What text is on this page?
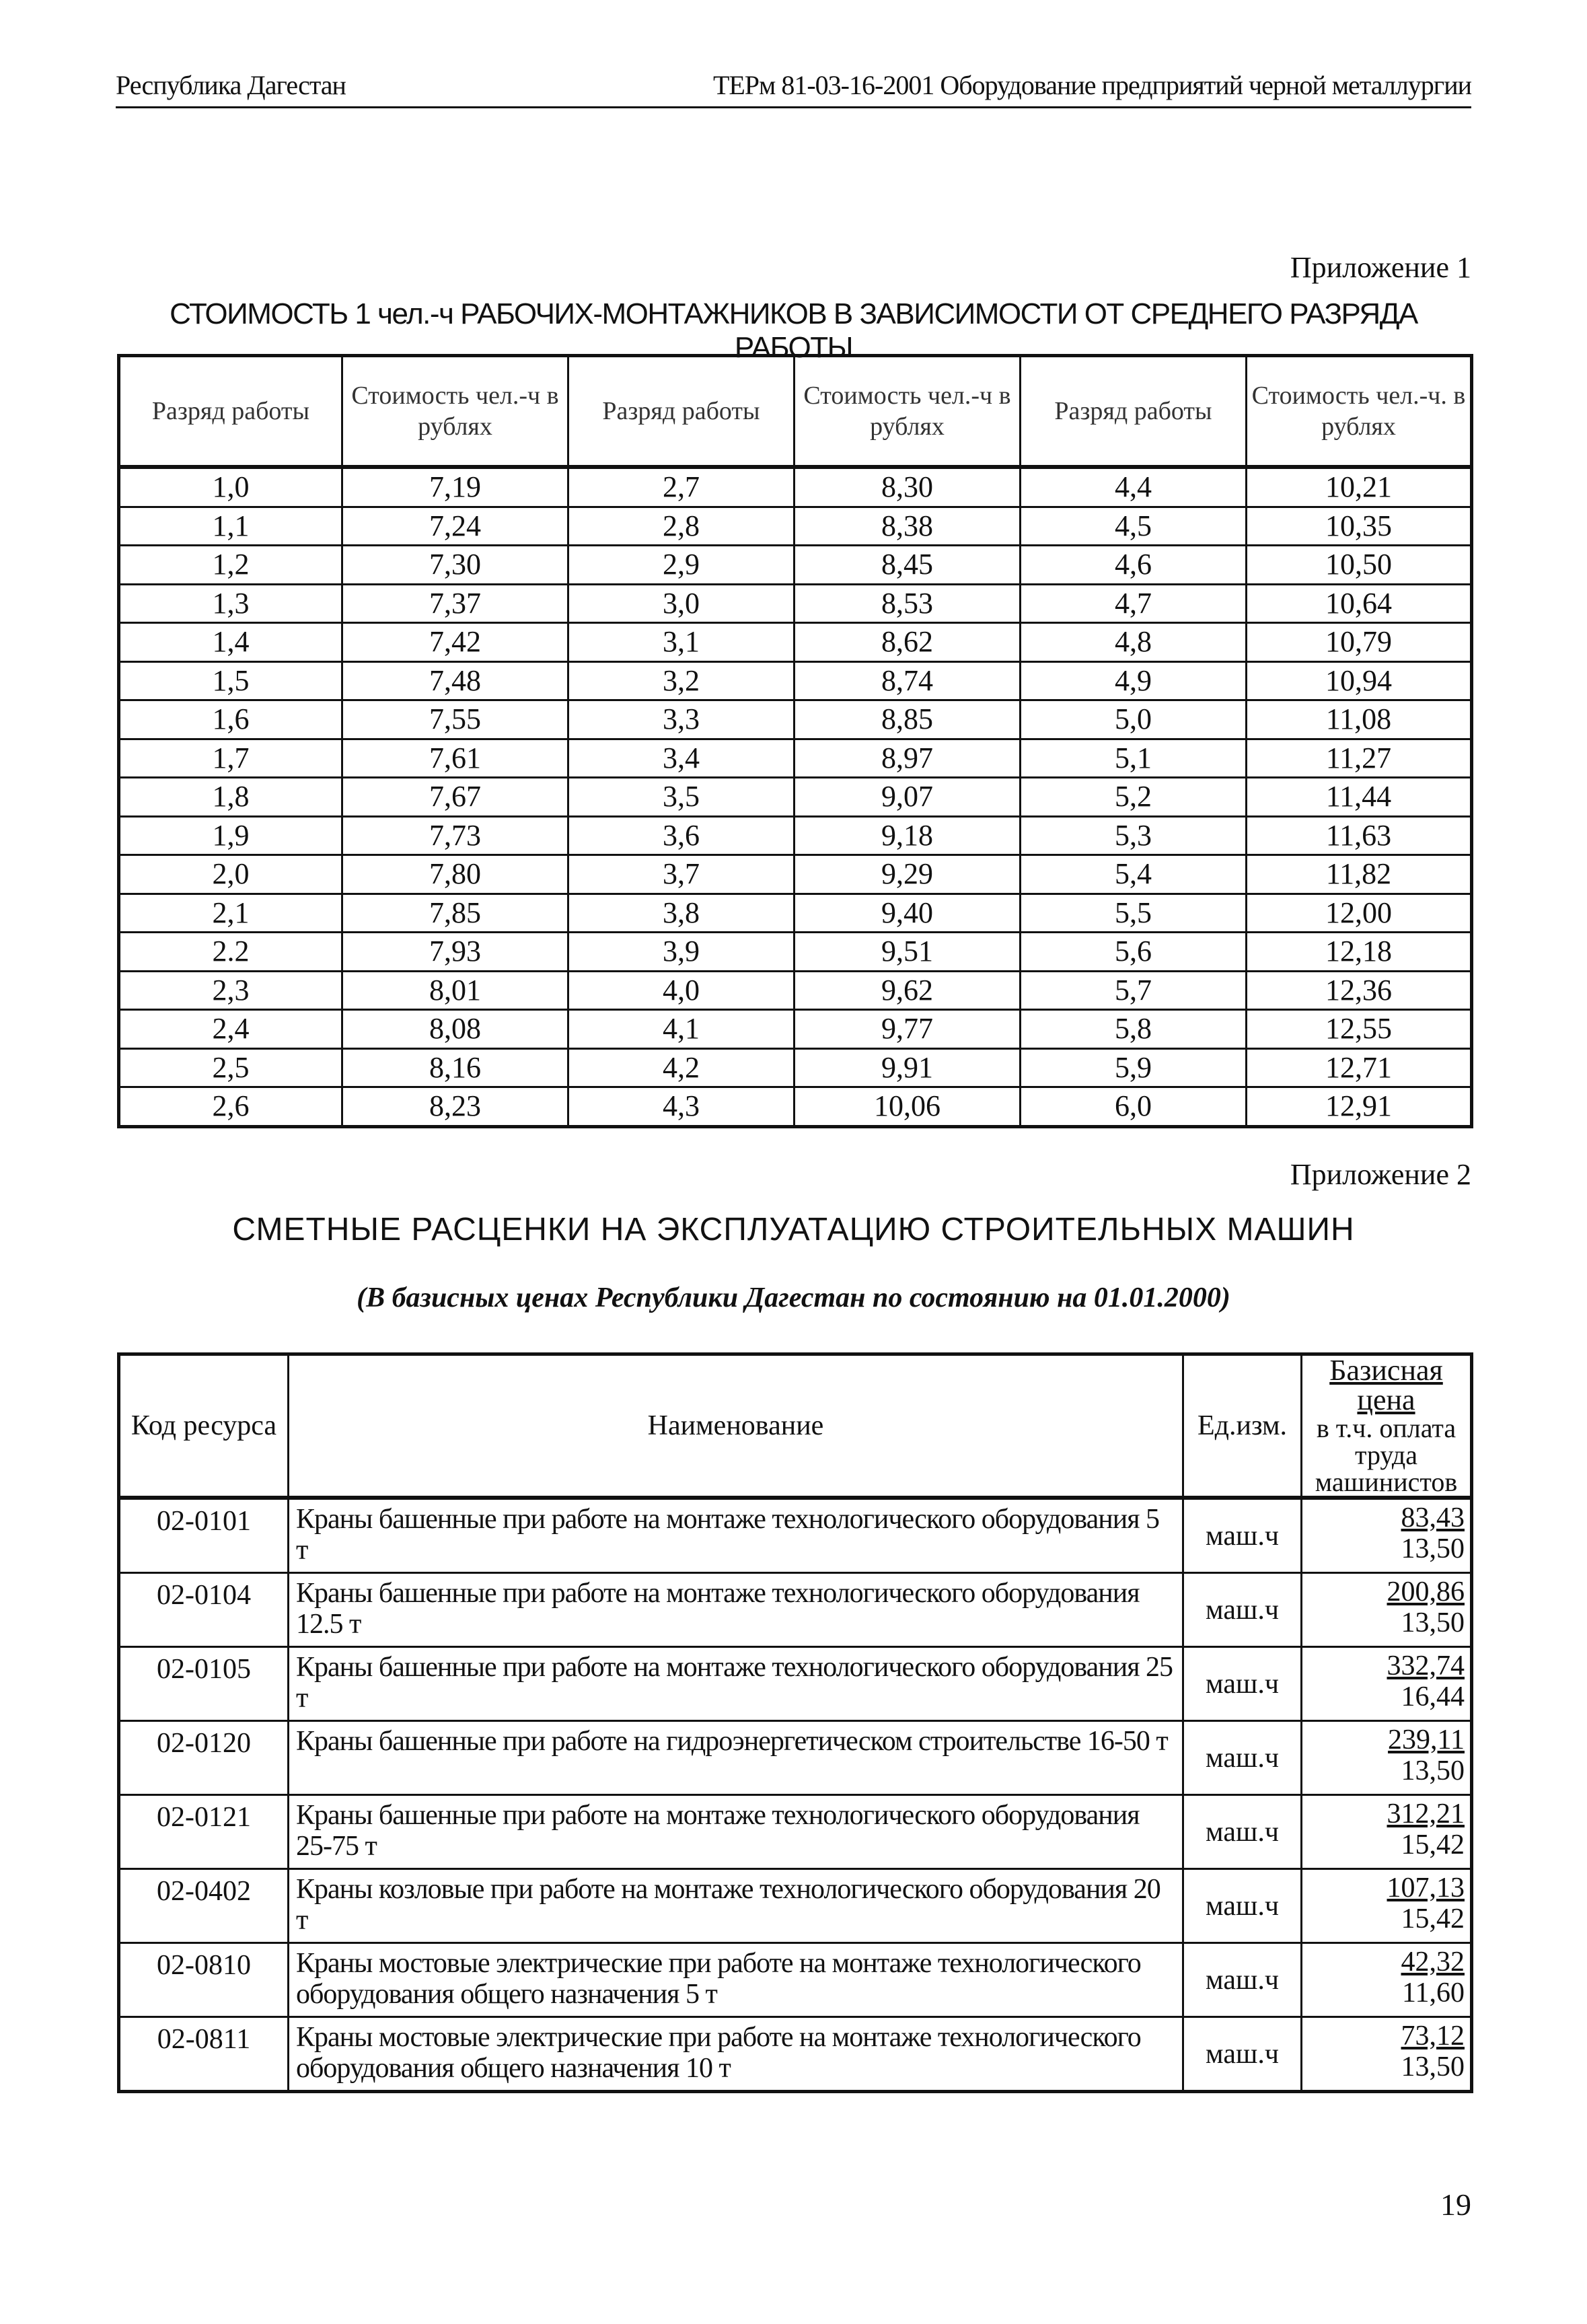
Республика Дагестан	ТЕРм 81-03-16-2001 Оборудование предприятий черной металлургии
Приложение 1
СТОИМОСТЬ 1 чел.-ч РАБОЧИХ-МОНТАЖНИКОВ В ЗАВИСИМОСТИ ОТ СРЕДНЕГО РАЗРЯДА РАБОТЫ
Разряд работы	Стоимость чел.-ч в рублях	Разряд работы	Стоимость чел.-ч в рублях	Разряд работы	Стоимость чел.-ч. в рублях
1,0	7,19	2,7	8,30	4,4	10,21
1,1	7,24	2,8	8,38	4,5	10,35
1,2	7,30	2,9	8,45	4,6	10,50
1,3	7,37	3,0	8,53	4,7	10,64
1,4	7,42	3,1	8,62	4,8	10,79
1,5	7,48	3,2	8,74	4,9	10,94
1,6	7,55	3,3	8,85	5,0	11,08
1,7	7,61	3,4	8,97	5,1	11,27
1,8	7,67	3,5	9,07	5,2	11,44
1,9	7,73	3,6	9,18	5,3	11,63
2,0	7,80	3,7	9,29	5,4	11,82
2,1	7,85	3,8	9,40	5,5	12,00
2.2	7,93	3,9	9,51	5,6	12,18
2,3	8,01	4,0	9,62	5,7	12,36
2,4	8,08	4,1	9,77	5,8	12,55
2,5	8,16	4,2	9,91	5,9	12,71
2,6	8,23	4,3	10,06	6,0	12,91
Приложение 2
СМЕТНЫЕ РАСЦЕНКИ НА ЭКСПЛУАТАЦИЮ СТРОИТЕЛЬНЫХ МАШИН
(В базисных ценах Республики Дагестан по состоянию на 01.01.2000)
Код ресурса	Наименование	Ед.изм.	Базисная цена
в т.ч. оплата труда машинистов

02-0101	Краны башенные при работе на монтаже технологического оборудования 5 т	маш.ч	83,43
13,50

02-0104	Краны башенные при работе на монтаже технологического оборудования 12.5 т	маш.ч	200,86
13,50

02-0105	Краны башенные при работе на монтаже технологического оборудования 25 т	маш.ч	332,74
16,44

02-0120	Краны башенные при работе на гидроэнергетическом строительстве 16-50 т	маш.ч	239,11
13,50

02-0121	Краны башенные при работе на монтаже технологического оборудования 25-75 т	маш.ч	312,21
15,42

02-0402	Краны козловые при работе на монтаже технологического оборудования 20 т	маш.ч	107,13
15,42

02-0810	Краны мостовые электрические при работе на монтаже технологического оборудования общего назначения 5 т	маш.ч	42,32
11,60

02-0811	Краны мостовые электрические при работе на монтаже технологического оборудования общего назначения 10 т	маш.ч	73,12
13,50
19
